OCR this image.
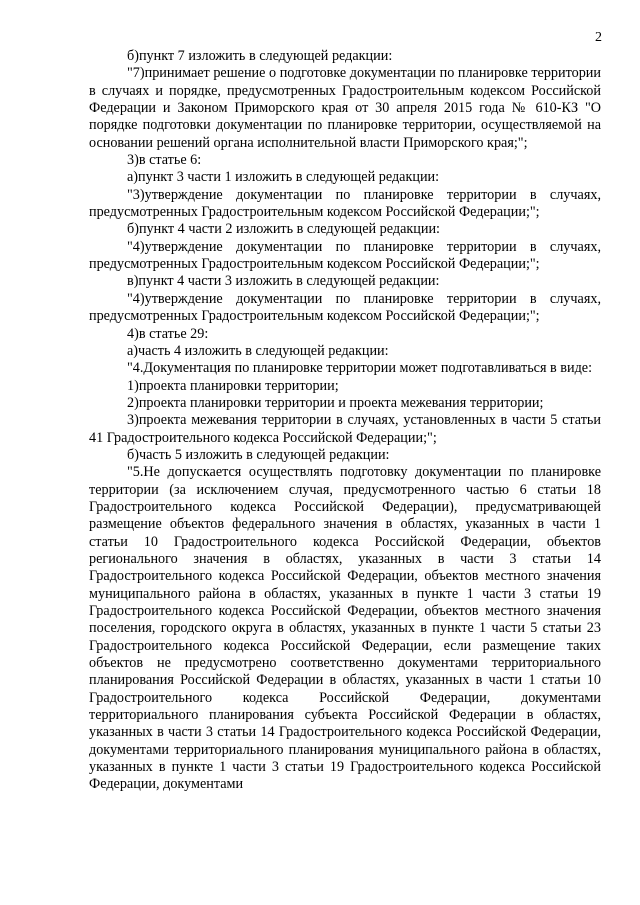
2

б)пункт 7 изложить в следующей редакции:

"7)принимает решение о подготовке документации по планировке территории в случаях и порядке, предусмотренных Градостроительным кодексом Российской Федерации и Законом Приморского края от 30 апреля 2015 года № 610-КЗ "О порядке подготовки документации по планировке территории, осуществляемой на основании решений органа исполнительной власти Приморского края;";

3)в статье 6:

а)пункт 3 части 1 изложить в следующей редакции:

"3)утверждение документации по планировке территории в случаях, предусмотренных Градостроительным кодексом Российской Федерации;";

б)пункт 4 части 2 изложить в следующей редакции:

"4)утверждение документации по планировке территории в случаях, предусмотренных Градостроительным кодексом Российской Федерации;";

в)пункт 4 части 3 изложить в следующей редакции:

"4)утверждение документации по планировке территории в случаях, предусмотренных Градостроительным кодексом Российской Федерации;";

4)в статье 29:

а)часть 4 изложить в следующей редакции:

"4.Документация по планировке территории может подготавливаться в виде:

1)проекта планировки территории;

2)проекта планировки территории и проекта межевания территории;

3)проекта межевания территории в случаях, установленных в части 5 статьи 41 Градостроительного кодекса Российской Федерации;";

б)часть 5 изложить в следующей редакции:

"5.Не допускается осуществлять подготовку документации по планировке территории (за исключением случая, предусмотренного частью 6 статьи 18 Градостроительного кодекса Российской Федерации), предусматривающей размещение объектов федерального значения в областях, указанных в части 1 статьи 10 Градостроительного кодекса Российской Федерации, объектов регионального значения в областях, указанных в части 3 статьи 14 Градостроительного кодекса Российской Федерации, объектов местного значения муниципального района в областях, указанных в пункте 1 части 3 статьи 19 Градостроительного кодекса Российской Федерации, объектов местного значения поселения, городского округа в областях, указанных в пункте 1 части 5 статьи 23 Градостроительного кодекса Российской Федерации, если размещение таких объектов не предусмотрено соответственно документами территориального планирования Российской Федерации в областях, указанных в части 1 статьи 10 Градостроительного кодекса Российской Федерации, документами территориального планирования субъекта Российской Федерации в областях, указанных в части 3 статьи 14 Градостроительного кодекса Российской Федерации, документами территориального планирования муниципального района в областях, указанных в пункте 1 части 3 статьи 19 Градостроительного кодекса Российской Федерации, документами
